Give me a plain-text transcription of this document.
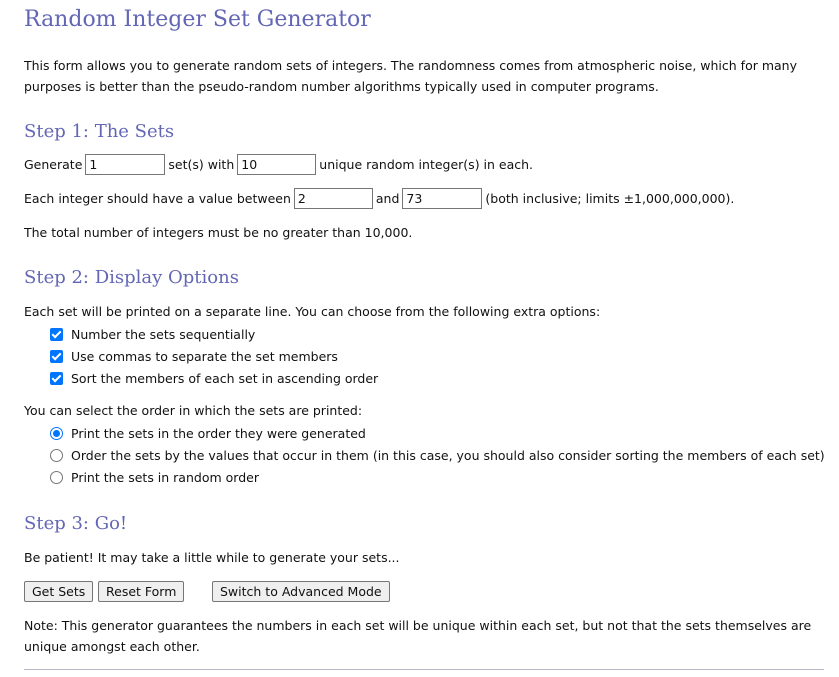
Random Integer Set Generator

This form allows you to generate random sets of integers. The randomness comes from atmospheric noise, which for many purposes is better than the pseudo-random number algorithms typically used in computer programs.

Step 1: The Sets
Generate
1	set(s) with
10	unique random integer(s) in each.
Each integer should have a value between
2	and
73	(both inclusive; limits ±1,000,000,000).

The total number of integers must be no greater than 10,000.

Step 2: Display Options

Each set will be printed on a separate line. You can choose from the following extra options:

Number the sets sequentially
Use commas to separate the set members
Sort the members of each set in ascending order

You can select the order in which the sets are printed:

Print the sets in the order they were generated
Order the sets by the values that occur in them (in this case, you should also consider sorting the members of each set)
Print the sets in random order
Step 3: Go!

Be patient! It may take a little while to generate your sets...

Get Sets	Reset Form	Switch to Advanced Mode

Note: This generator guarantees the numbers in each set will be unique within each set, but not that the sets themselves are unique amongst each other.
